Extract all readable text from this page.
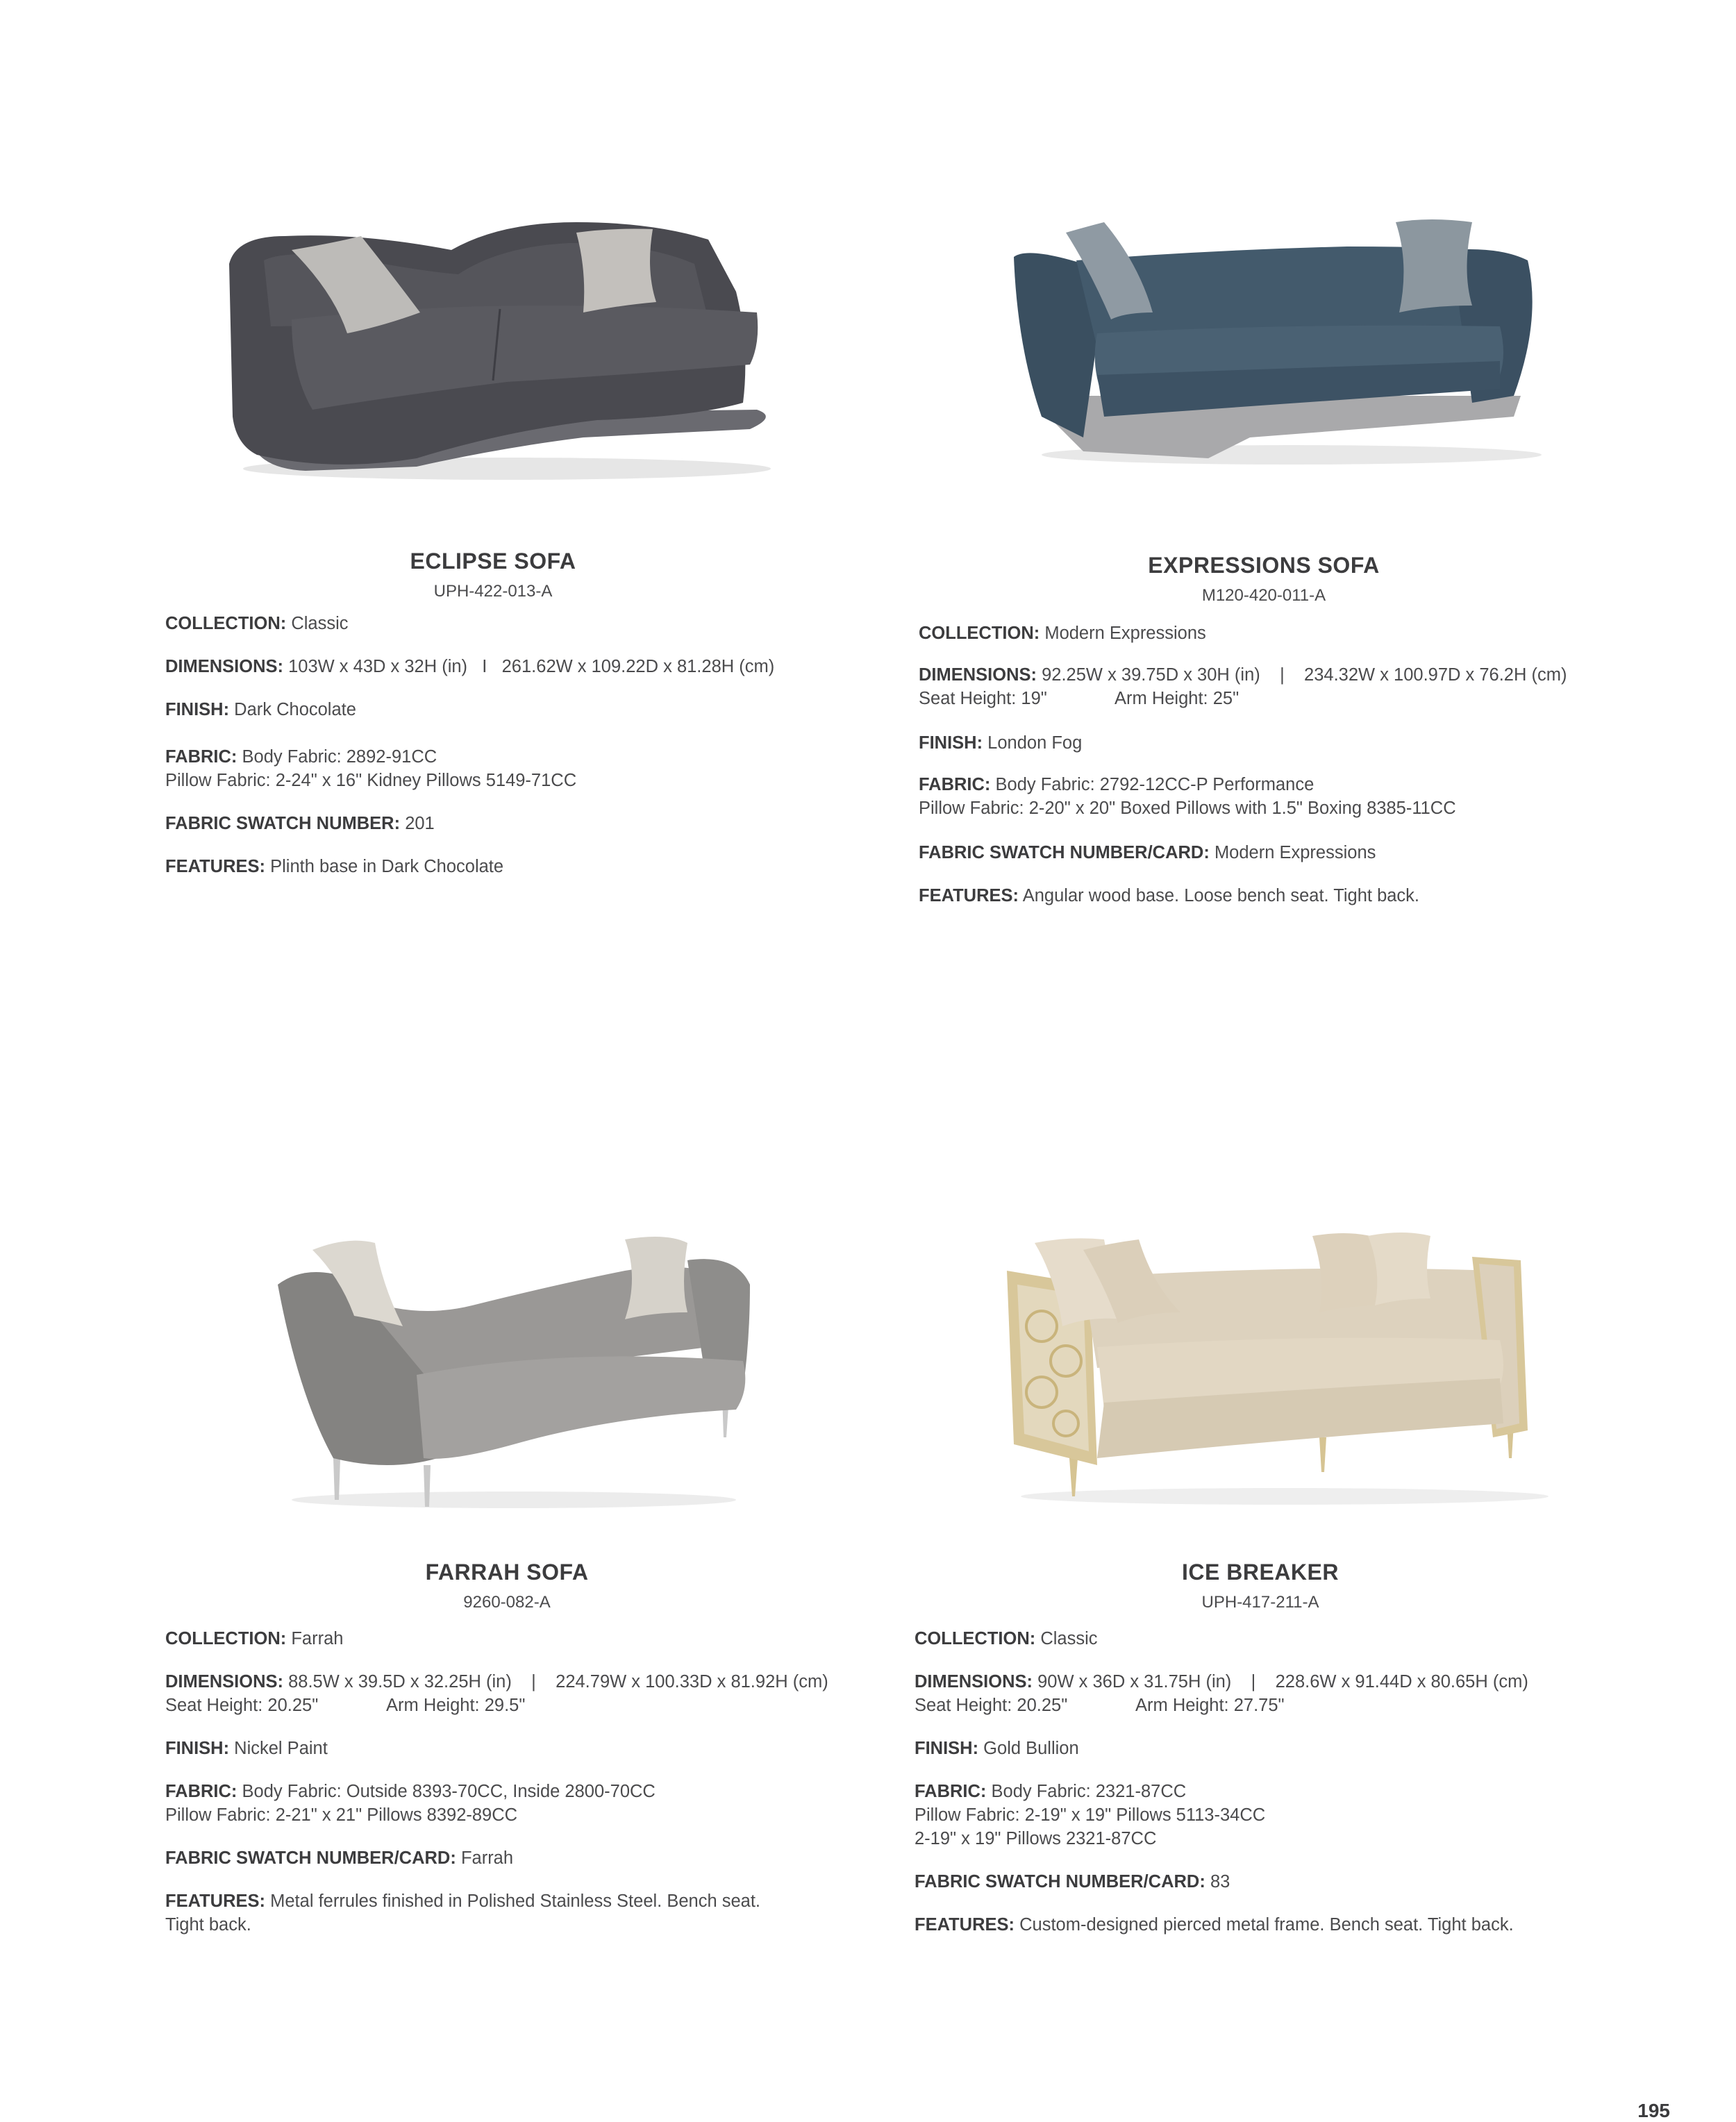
ECLIPSE SOFA
UPH-422-013-A
COLLECTION: Classic
DIMENSIONS: 103W x 43D x 32H (in)   I   261.62W x 109.22D x 81.28H (cm)
FINISH: Dark Chocolate
FABRIC: Body Fabric: 2892-91CC
Pillow Fabric: 2-24" x 16" Kidney Pillows 5149-71CC
FABRIC SWATCH NUMBER: 201
FEATURES: Plinth base in Dark Chocolate
EXPRESSIONS SOFA
M120-420-011-A
COLLECTION: Modern Expressions
DIMENSIONS: 92.25W x 39.75D x 30H (in)    |    234.32W x 100.97D x 76.2H (cm)
Seat Height: 19"	Arm Height: 25"
FINISH: London Fog
FABRIC: Body Fabric: 2792-12CC-P Performance
Pillow Fabric: 2-20" x 20" Boxed Pillows with 1.5" Boxing 8385-11CC
FABRIC SWATCH NUMBER/CARD: Modern Expressions
FEATURES: Angular wood base. Loose bench seat. Tight back.
FARRAH SOFA
9260-082-A
COLLECTION: Farrah
DIMENSIONS: 88.5W x 39.5D x 32.25H (in)    |    224.79W x 100.33D x 81.92H (cm)
Seat Height: 20.25"	Arm Height: 29.5"
FINISH: Nickel Paint
FABRIC: Body Fabric: Outside 8393-70CC, Inside 2800-70CC
Pillow Fabric: 2-21" x 21" Pillows 8392-89CC
FABRIC SWATCH NUMBER/CARD: Farrah
FEATURES: Metal ferrules finished in Polished Stainless Steel. Bench seat.
Tight back.
ICE BREAKER
UPH-417-211-A
COLLECTION: Classic
DIMENSIONS: 90W x 36D x 31.75H (in)    |    228.6W x 91.44D x 80.65H (cm)
Seat Height: 20.25"	Arm Height: 27.75"
FINISH: Gold Bullion
FABRIC: Body Fabric: 2321-87CC
Pillow Fabric: 2-19" x 19" Pillows 5113-34CC
2-19" x 19" Pillows 2321-87CC
FABRIC SWATCH NUMBER/CARD: 83
FEATURES: Custom-designed pierced metal frame. Bench seat. Tight back.
195
